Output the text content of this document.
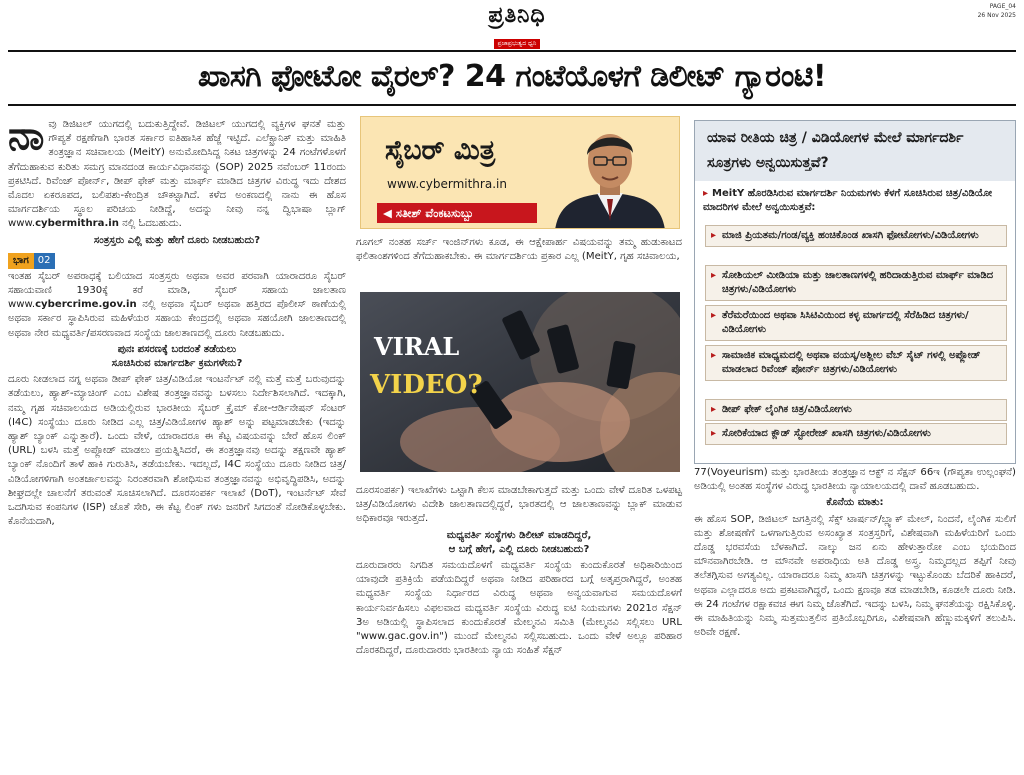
ಪ್ರತಿನಿಧಿ
ಪ್ರಜಾಪ್ರಭುತ್ವದ ಧ್ವನಿ
PAGE_04
26 Nov 2025
ಖಾಸಗಿ ಫೋಟೋ ವೈರಲ್? 24 ಗಂಟೆಯೊಳಗೆ ಡಿಲೀಟ್ ಗ್ಯಾರಂಟಿ!

ನಾವು ಡಿಜಿಟಲ್ ಯುಗದಲ್ಲಿ ಬದುಕುತ್ತಿದ್ದೇವೆ. ಡಿಜಿಟಲ್ ಯುಗದಲ್ಲಿ ವ್ಯಕ್ತಿಗಳ ಘನತೆ ಮತ್ತು ಗೌಪ್ಯತೆ ರಕ್ಷಣೆಗಾಗಿ ಭಾರತ ಸರ್ಕಾರ ಐತಿಹಾಸಿಕ ಹೆಜ್ಜೆ ಇಟ್ಟಿದೆ. ಎಲೆಕ್ಟ್ರಾನಿಕ್ ಮತ್ತು ಮಾಹಿತಿ ತಂತ್ರಜ್ಞಾನ ಸಚಿವಾಲಯ (MeitY) ಅನುಮೋದಿಸಿದ್ದ ನಿಕಟ ಚಿತ್ರಗಳನ್ನು 24 ಗಂಟೆಗಳೊಳಗೆ ತೆಗೆದುಹಾಕುವ ಕುರಿತು ಸಮಗ್ರ ಮಾನದಂಡ ಕಾರ್ಯವಿಧಾನವನ್ನು (SOP) 2025 ನವೆಂಬರ್ 11ರಂದು ಪ್ರಕಟಿಸಿದೆ. ರಿವೆಂಜ್ ಪೋರ್ನ್, ಡೀಪ್ ಫೇಕ್ ಮತ್ತು ಮಾರ್ಫ್ ಮಾಡಿದ ಚಿತ್ರಗಳ ವಿರುದ್ಧ ಇದು ದೇಶದ ಮೊದಲ ಏಕರೂಪದ, ಬಲಿಪಶು-ಕೇಂದ್ರಿತ ಚೌಕಟ್ಟಾಗಿದೆ. ಕಳೆದ ಅಂಕಣದಲ್ಲಿ ನಾನು ಈ ಹೊಸ ಮಾರ್ಗದರ್ಶಿಯ ಸ್ಥೂಲ ಪರಿಚಯ ನೀಡಿದ್ದೆ, ಅದನ್ನು ನೀವು ನನ್ನ ದ್ವಿಭಾಷಾ ಬ್ಲಾಗ್ www.cybermithra.in ನಲ್ಲಿ ಓದಬಹುದು.

ಸಂತ್ರಸ್ತರು ಎಲ್ಲಿ ಮತ್ತು ಹೇಗೆ ದೂರು ನೀಡಬಹುದು?
ಭಾಗ 02

ಇಂತಹ ಸೈಬರ್ ಅಪರಾಧಕ್ಕೆ ಬಲಿಯಾದ ಸಂತ್ರಸ್ತರು ಅಥವಾ ಅವರ ಪರವಾಗಿ ಯಾರಾದರೂ ಸೈಬರ್ ಸಹಾಯವಾಣಿ 1930ಕ್ಕೆ ಕರೆ ಮಾಡಿ, ಸೈಬರ್ ಸಹಾಯ ಜಾಲತಾಣ www.cybercrime.gov.in ನಲ್ಲಿ ಅಥವಾ ಸೈಬರ್ ಅಥವಾ ಹತ್ತಿರದ ಪೊಲೀಸ್ ಠಾಣೆಯಲ್ಲಿ ಅಥವಾ ಸರ್ಕಾರ ಸ್ಥಾಪಿಸಿರುವ ಮಹಿಳೆಯರ ಸಹಾಯ ಕೇಂದ್ರದಲ್ಲಿ ಅಥವಾ ಸಹಯೋಗಿ ಜಾಲತಾಣದಲ್ಲಿ ಅಥವಾ ನೇರ ಮಧ್ಯವರ್ತಿ/ಪಸರಣವಾದ ಸಂಸ್ಥೆಯ ಜಾಲತಾಣದಲ್ಲಿ ದೂರು ನೀಡಬಹುದು.

ಪುನಃ ಪಸರಣಕ್ಕೆ ಬರದಂತೆ ತಡೆಯಲು
ಸೂಚಿಸಿರುವ ಮಾರ್ಗದರ್ಶಿ ಕ್ರಮಗಳೇನು?

ದೂರು ನೀಡಲಾದ ನಗ್ನ ಅಥವಾ ಡೀಪ್ ಫೇಕ್ ಚಿತ್ರ/ವಿಡಿಯೋ ಇಂಟರ್ನೆಟ್ ನಲ್ಲಿ ಮತ್ತೆ ಮತ್ತೆ ಬರುವುದನ್ನು ತಡೆಯಲು, ಹ್ಯಾಶ್-ಮ್ಯಾಚಿಂಗ್ ಎಂಬ ವಿಶೇಷ ತಂತ್ರಜ್ಞಾನವನ್ನು ಬಳಸಲು ನಿರ್ದೇಶಿಸಲಾಗಿದೆ. ಇದಕ್ಕಾಗಿ, ನಮ್ಮ ಗೃಹ ಸಚಿವಾಲಯದ ಅಡಿಯಲ್ಲಿರುವ ಭಾರತೀಯ ಸೈಬರ್ ಕ್ರೈಮ್ ಕೋ-ಆರ್ಡಿನೇಷನ್ ಸೆಂಟರ್ (I4C) ಸಂಸ್ಥೆಯು ದೂರು ನೀಡಿದ ಎಲ್ಲ ಚಿತ್ರ/ವಿಡಿಯೋಗಳ ಹ್ಯಾಶ್ ಅನ್ನು ಪಟ್ಟಮಾಡಬೇಕು (ಇದನ್ನು ಹ್ಯಾಶ್ ಬ್ಯಾಂಕ್ ಎನ್ನುತ್ತಾರೆ). ಒಂದು ವೇಳೆ, ಯಾರಾದರೂ ಈ ಕೆಟ್ಟ ವಿಷಯವನ್ನು ಬೇರೆ ಹೊಸ ಲಿಂಕ್ (URL) ಬಳಸಿ ಮತ್ತೆ ಅಪ್ಲೋಡ್ ಮಾಡಲು ಪ್ರಯತ್ನಿಸಿದರೆ, ಈ ತಂತ್ರಜ್ಞಾನವು ಅದನ್ನು ತಕ್ಷಣವೇ ಹ್ಯಾಶ್ ಬ್ಯಾಂಕ್ ನೊಂದಿಗೆ ತಾಳೆ ಹಾಕಿ ಗುರುತಿಸಿ, ತಡೆಯಬೇಕು. ಇದಲ್ಲದೆ, I4C ಸಂಸ್ಥೆಯು ದೂರು ನೀಡಿದ ಚಿತ್ರ/ವಿಡಿಯೋಗಳಿಗಾಗಿ ಅಂತರ್ಜಾಲವನ್ನು ನಿರಂತರವಾಗಿ ಶೋಧಿಸುವ ತಂತ್ರಜ್ಞಾನವನ್ನು ಅಭಿವೃದ್ಧಿಪಡಿಸಿ, ಅದನ್ನು ಶೀಘ್ರದಲ್ಲೇ ಚಾಲನೆಗೆ ತರುವಂತೆ ಸೂಚಿಸಲಾಗಿದೆ. ದೂರಸಂಪರ್ಕ ಇಲಾಖೆ (DoT), ಇಂಟರ್ನೆಟ್ ಸೇವೆ ಒದಗಿಸುವ ಕಂಪನಿಗಳ (ISP) ಜೊತೆ ಸೇರಿ, ಈ ಕೆಟ್ಟ ಲಿಂಕ್ ಗಳು ಜನರಿಗೆ ಸಿಗದಂತೆ ನೋಡಿಕೊಳ್ಳಬೇಕು. ಕೊನೆಯದಾಗಿ,

ಸೈಬರ್ ಮಿತ್ರ
www.cybermithra.in
◀ ಸತೀಶ್ ವೆಂಕಟಸುಬ್ಬು

ಗೂಗಲ್ ನಂತಹ ಸರ್ಚ್ ಇಂಜಿನ್‌ಗಳು ಕೂಡ, ಈ ಆಕ್ಷೇಪಾರ್ಹ ವಿಷಯವನ್ನು ತಮ್ಮ ಹುಡುಕಾಟದ ಫಲಿತಾಂಶಗಳಿಂದ ತೆಗೆದುಹಾಕಬೇಕು. ಈ ಮಾರ್ಗದರ್ಶಿಯ ಪ್ರಕಾರ ಎಲ್ಲ (MeitY, ಗೃಹ ಸಚಿವಾಲಯ,

VIRAL
VIDEO?

ದೂರಸಂಪರ್ಕ) ಇಲಾಖೆಗಳು ಒಟ್ಟಾಗಿ ಕೆಲಸ ಮಾಡಬೇಕಾಗುತ್ತದೆ ಮತ್ತು ಒಂದು ವೇಳೆ ದೂರಿತ ಒಳಪಟ್ಟ ಚಿತ್ರ/ವಿಡಿಯೋಗಳು ವಿದೇಶಿ ಜಾಲತಾಣದಲ್ಲಿದ್ದರೆ, ಭಾರತದಲ್ಲಿ ಆ ಜಾಲತಾಣವನ್ನು ಬ್ಲಾಕ್ ಮಾಡುವ ಅಧಿಕಾರವೂ ಇರುತ್ತದೆ.

ಮಧ್ಯವರ್ತಿ ಸಂಸ್ಥೆಗಳು ಡಿಲೀಟ್ ಮಾಡದಿದ್ದರೆ,
ಆ ಬಗ್ಗೆ ಹೇಗೆ, ಎಲ್ಲಿ ದೂರು ನೀಡಬಹುದು?

ದೂರುದಾರರು ನಿಗದಿತ ಸಮಯದೊಳಗೆ ಮಧ್ಯವರ್ತಿ ಸಂಸ್ಥೆಯ ಕುಂದುಕೊರತೆ ಅಧಿಕಾರಿಯಿಂದ ಯಾವುದೇ ಪ್ರತಿಕ್ರಿಯೆ ಪಡೆಯದಿದ್ದರೆ ಅಥವಾ ನೀಡಿದ ಪರಿಹಾರದ ಬಗ್ಗೆ ಅತೃಪ್ತರಾಗಿದ್ದರೆ, ಅಂತಹ ಮಧ್ಯವರ್ತಿ ಸಂಸ್ಥೆಯ ನಿರ್ಧಾರದ ವಿರುದ್ಧ ಅಥವಾ ಅನ್ವಯವಾಗುವ ಸಮಯದೊಳಗೆ ಕಾರ್ಯನಿರ್ವಹಿಸಲು ವಿಫಲವಾದ ಮಧ್ಯವರ್ತಿ ಸಂಸ್ಥೆಯ ವಿರುದ್ಧ ಐಟಿ ನಿಯಮಗಳು 2021ರ ಸೆಕ್ಷನ್ 3ಅ ಅಡಿಯಲ್ಲಿ ಸ್ಥಾಪಿಸಲಾದ ಕುಂದುಕೊರತೆ ಮೇಲ್ಮನವಿ ಸಮಿತಿ (ಮೇಲ್ಮನವಿ ಸಲ್ಲಿಸಲು URL "www.gac.gov.in") ಮುಂದೆ ಮೇಲ್ಮನವಿ ಸಲ್ಲಿಸಬಹುದು. ಒಂದು ವೇಳೆ ಅಲ್ಲೂ ಪರಿಹಾರ ದೊರಕದಿದ್ದರೆ, ದೂರುದಾರರು ಭಾರತೀಯ ನ್ಯಾಯ ಸಂಹಿತೆ ಸೆಕ್ಷನ್

ಯಾವ ರೀತಿಯ ಚಿತ್ರ / ವಿಡಿಯೋಗಳ ಮೇಲೆ ಮಾರ್ಗದರ್ಶಿ ಸೂತ್ರಗಳು ಅನ್ವಯಿಸುತ್ತವೆ?
▸ MeitY ಹೊರಡಿಸಿರುವ ಮಾರ್ಗದರ್ಶಿ ನಿಯಮಗಳು ಕೆಳಗೆ ಸೂಚಿಸಿರುವ ಚಿತ್ರ/ವಿಡಿಯೋ ಮಾದರಿಗಳ ಮೇಲೆ ಅನ್ವಯಿಸುತ್ತವೆ:
▸ ಮಾಜಿ ಪ್ರಿಯತಮ/ಗಂಡ/ವ್ಯಕ್ತಿ ಹಂಚಿಕೊಂಡ ಖಾಸಗಿ ಫೋಟೋಗಳು/ವಿಡಿಯೋಗಳು
▸ ಸೋಶಿಯಲ್ ಮೀಡಿಯಾ ಮತ್ತು ಜಾಲತಾಣಗಳಲ್ಲಿ ಹರಿದಾಡುತ್ತಿರುವ ಮಾರ್ಫ್ ಮಾಡಿದ ಚಿತ್ರಗಳು/ವಿಡಿಯೋಗಳು
▸ ತೆರೆಮರೆಯಿಂದ ಅಥವಾ ಸಿಸಿಟಿವಿಯಿಂದ ಕಳ್ಳ ಮಾರ್ಗದಲ್ಲಿ ಸೆರೆಹಿಡಿದ ಚಿತ್ರಗಳು/ವಿಡಿಯೋಗಳು
▸ ಸಾಮಾಜಿಕ ಮಾಧ್ಯಮದಲ್ಲಿ ಅಥವಾ ವಯಸ್ಕ/ಅಶ್ಲೀಲ ವೆಬ್ ಸೈಟ್ ಗಳಲ್ಲಿ ಅಪ್ಲೋಡ್ ಮಾಡಲಾದ ರಿವೆಂಜ್ ಪೋರ್ನ್ ಚಿತ್ರಗಳು/ವಿಡಿಯೋಗಳು
▸ ಡೀಪ್ ಫೇಕ್ ಲೈಂಗಿಕ ಚಿತ್ರ/ವಿಡಿಯೋಗಳು
▸ ಸೋರಿಕೆಯಾದ ಕ್ಲೌಡ್ ಸ್ಟೋರೇಜ್ ಖಾಸಗಿ ಚಿತ್ರಗಳು/ವಿಡಿಯೋಗಳು

77(Voyeurism) ಮತ್ತು ಭಾರತೀಯ ತಂತ್ರಜ್ಞಾನ ಆಕ್ಟ್ ನ ಸೆಕ್ಷನ್ 66ಇ (ಗೌಪ್ಯತಾ ಉಲ್ಲಂಘನೆ) ಅಡಿಯಲ್ಲಿ ಅಂತಹ ಸಂಸ್ಥೆಗಳ ವಿರುದ್ಧ ಭಾರತೀಯ ನ್ಯಾಯಾಲಯದಲ್ಲಿ ದಾವೆ ಹೂಡಬಹುದು.

ಕೊನೆಯ ಮಾತು:

ಈ ಹೊಸ SOP, ಡಿಜಿಟಲ್ ಜಗತ್ತಿನಲ್ಲಿ ಸೆಕ್ಸ್ ಟಾರ್ಷನ್/ಬ್ಲ್ಯಾಕ್ ಮೇಲ್, ನಿಂದನೆ, ಲೈಂಗಿಕ ಸುಲಿಗೆ ಮತ್ತು ಶೋಷಣೆಗೆ ಒಳಗಾಗುತ್ತಿರುವ ಅಸಂಖ್ಯಾತ ಸಂತ್ರಸ್ತರಿಗೆ, ವಿಶೇಷವಾಗಿ ಮಹಿಳೆಯರಿಗೆ ಒಂದು ದೊಡ್ಡ ಭರವಸೆಯ ಬೆಳಕಾಗಿದೆ. ನಾಲ್ಕು ಜನ ಏನು ಹೇಳುತ್ತಾರೋ ಎಂಬ ಭಯದಿಂದ ಮೌನವಾಗಿರಬೇಡಿ. ಆ ಮೌನವೇ ಅಪರಾಧಿಯ ಅತಿ ದೊಡ್ಡ ಅಸ್ತ್ರ. ನಿಮ್ಮದಲ್ಲದ ತಪ್ಪಿಗೆ ನೀವು ತಲೆತಗ್ಗಿಸುವ ಅಗತ್ಯವಿಲ್ಲ. ಯಾರಾದರೂ ನಿಮ್ಮ ಖಾಸಗಿ ಚಿತ್ರಗಳನ್ನು ಇಟ್ಟುಕೊಂಡು ಬೆದರಿಕೆ ಹಾಕಿದರೆ, ಅಥವಾ ಎಲ್ಲಾದರೂ ಅದು ಪ್ರಕಟವಾಗಿದ್ದರೆ, ಒಂದು ಕ್ಷಣವೂ ತಡ ಮಾಡಬೇಡಿ, ಕೂಡಲೇ ದೂರು ನೀಡಿ. ಈ 24 ಗಂಟೆಗಳ ರಕ್ಷಾಕವಚ ಈಗ ನಿಮ್ಮ ಜೊತೆಗಿದೆ. ಇದನ್ನು ಬಳಸಿ, ನಿಮ್ಮ ಘನತೆಯನ್ನು ರಕ್ಷಿಸಿಕೊಳ್ಳಿ. ಈ ಮಾಹಿತಿಯನ್ನು ನಿಮ್ಮ ಸುತ್ತಮುತ್ತಲಿನ ಪ್ರತಿಯೊಬ್ಬರಿಗೂ, ವಿಶೇಷವಾಗಿ ಹೆಣ್ಣುಮಕ್ಕಳಿಗೆ ತಲುಪಿಸಿ. ಅರಿವೇ ರಕ್ಷಣೆ.
